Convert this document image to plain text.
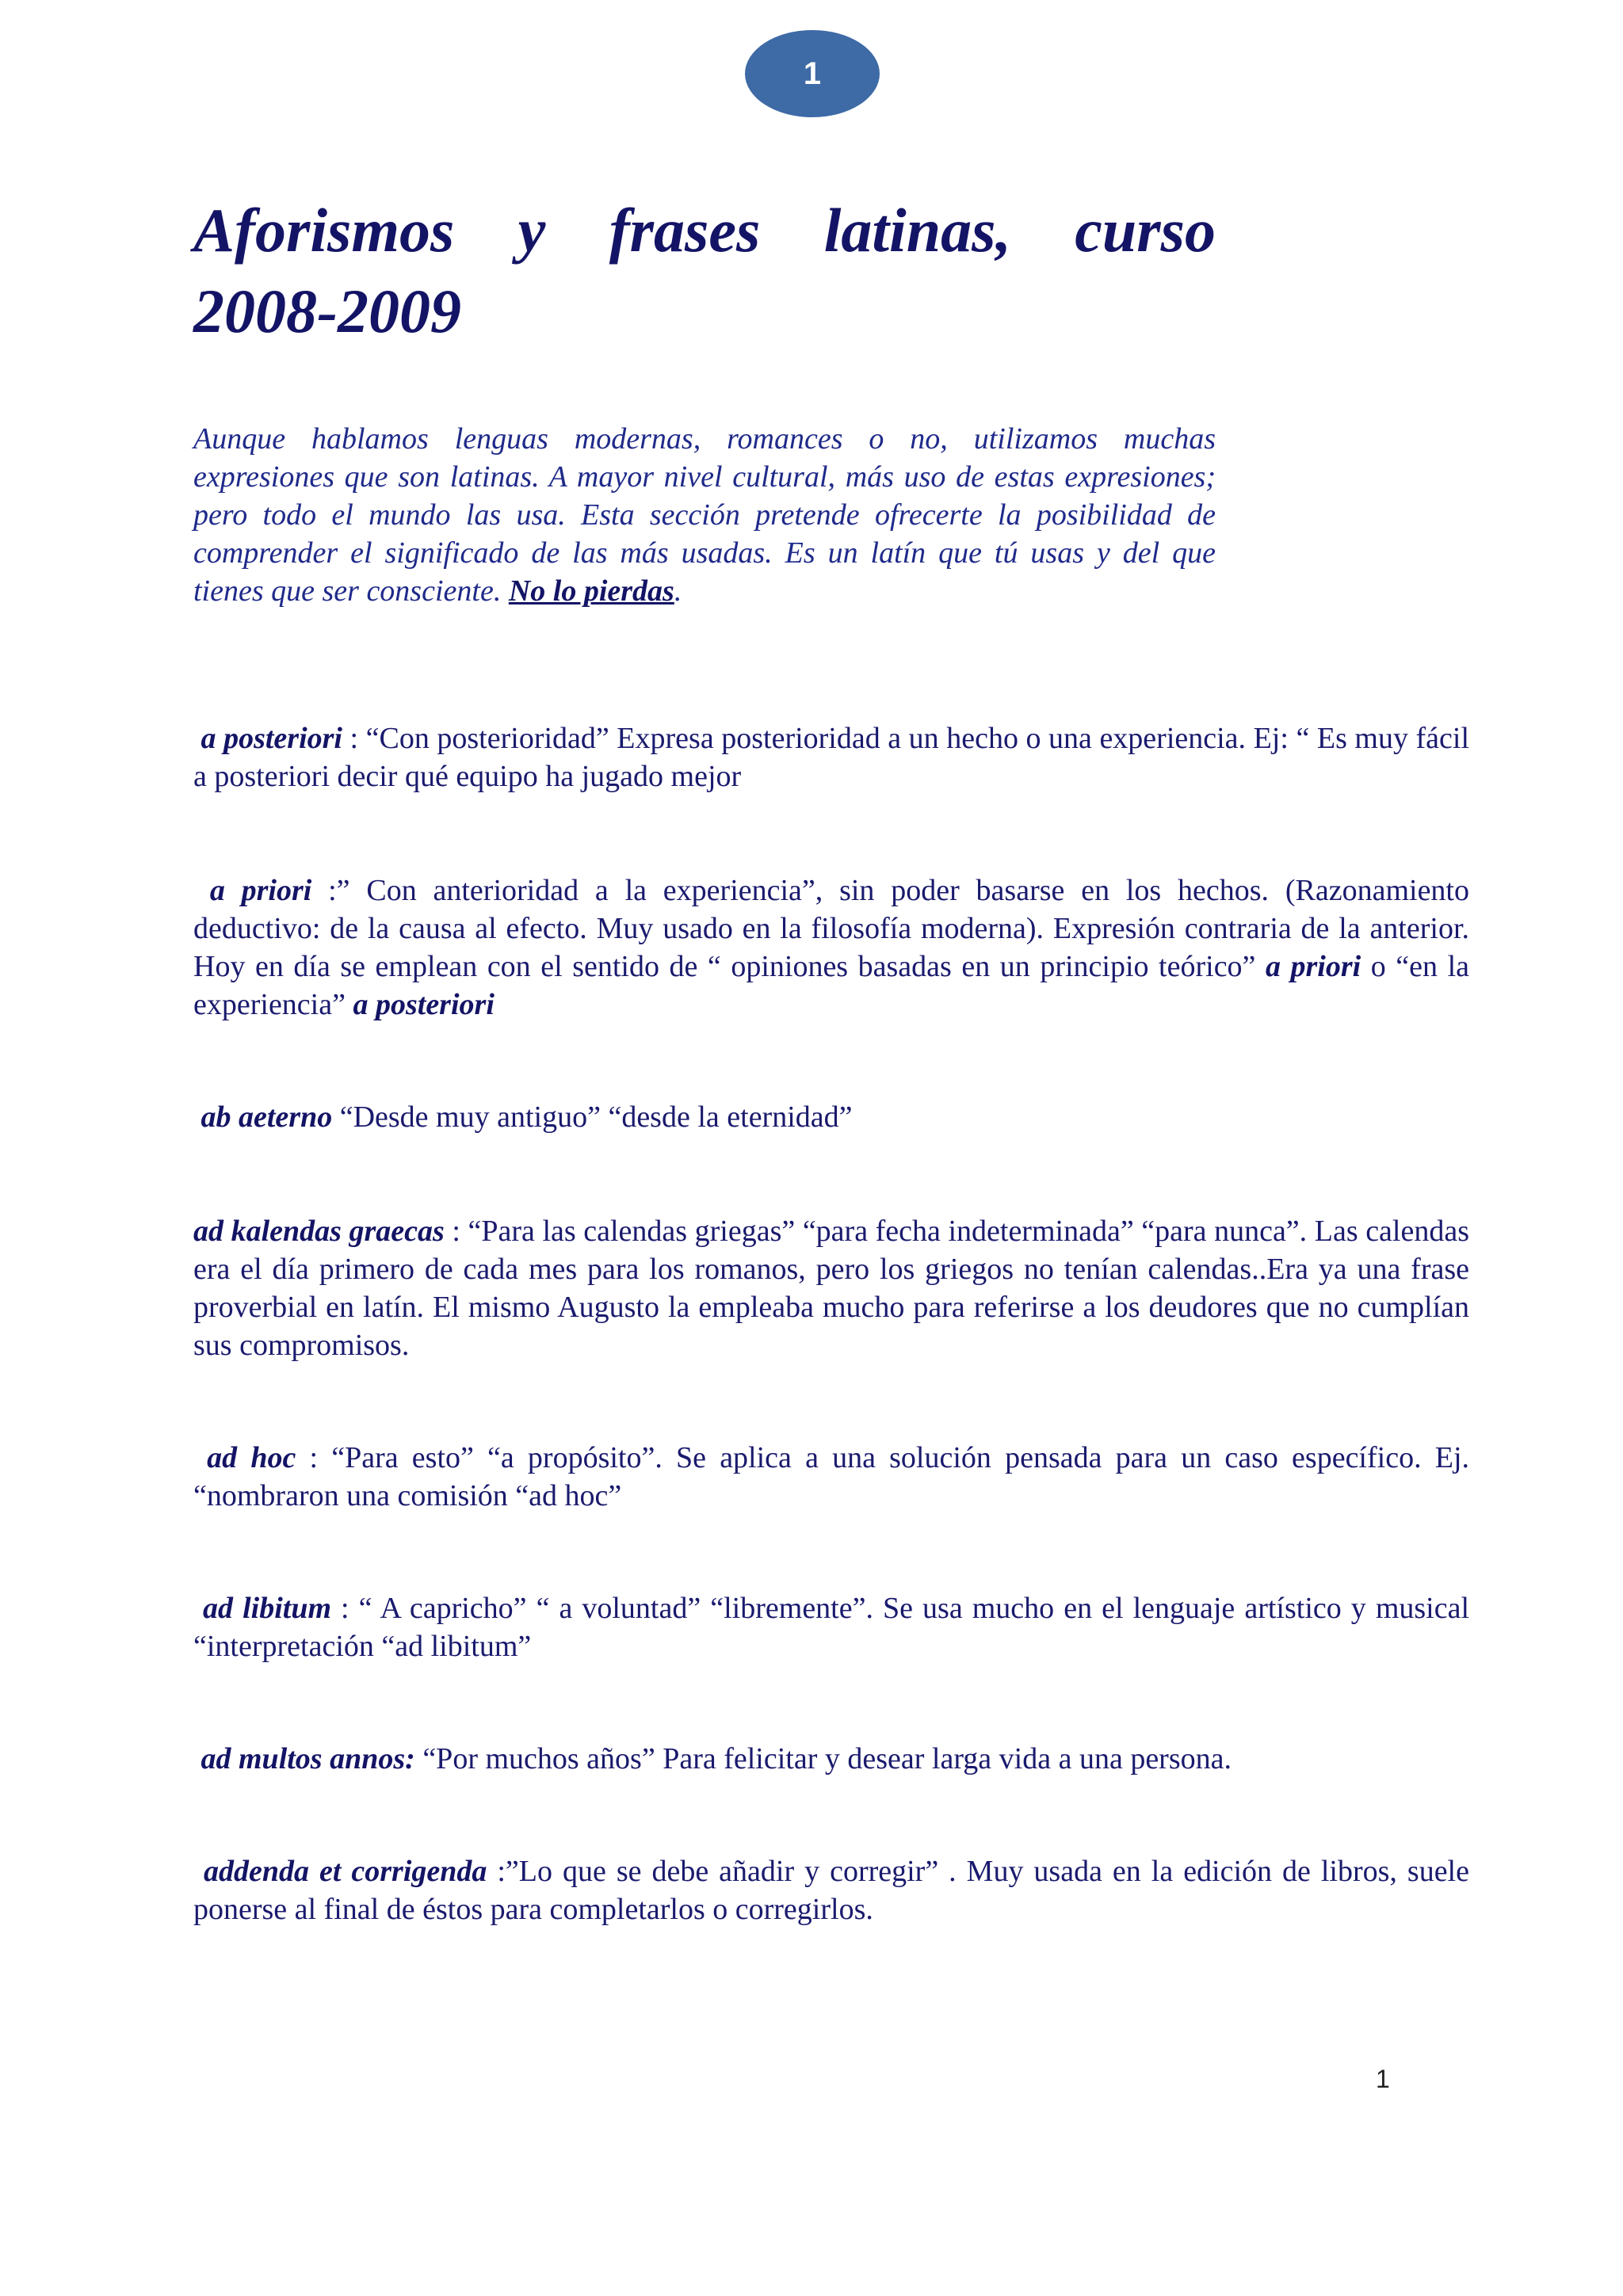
1
Aforismos y frases latinas, curso
2008-2009

Aunque hablamos lenguas modernas, romances o no, utilizamos muchas expresiones que son latinas. A mayor nivel cultural, más uso de estas expresiones; pero todo el mundo las usa. Esta sección pretende ofrecerte la posibilidad de comprender el significado de las más usadas. Es un latín que tú usas y del que tienes que ser consciente. No lo pierdas.

a posteriori : “Con posterioridad” Expresa posterioridad a un hecho o una experiencia. Ej: “ Es muy fácil a posteriori decir qué equipo ha jugado mejor

a priori :” Con anterioridad a la experiencia”, sin poder basarse en los hechos. (Razonamiento deductivo: de la causa al efecto. Muy usado en la filosofía moderna). Expresión contraria de la anterior. Hoy en día se emplean con el sentido de “ opiniones basadas en un principio teórico” a priori o “en la experiencia” a posteriori

ab aeterno “Desde muy antiguo” “desde la eternidad”

ad kalendas graecas : “Para las calendas griegas” “para fecha indeterminada” “para nunca”. Las calendas era el día primero de cada mes para los romanos, pero los griegos no tenían calendas..Era ya una frase proverbial en latín. El mismo Augusto la empleaba mucho para referirse a los deudores que no cumplían sus compromisos.

ad hoc : “Para esto” “a propósito”. Se aplica a una solución pensada para un caso específico. Ej. “nombraron una comisión “ad hoc”

ad libitum : “ A capricho” “ a voluntad” “libremente”. Se usa mucho en el lenguaje artístico y musical “interpretación “ad libitum”

ad multos annos: “Por muchos años” Para felicitar y desear larga vida a una persona.

addenda et corrigenda :”Lo que se debe añadir y corregir” . Muy usada en la edición de libros, suele ponerse al final de éstos para completarlos o corregirlos.

1
